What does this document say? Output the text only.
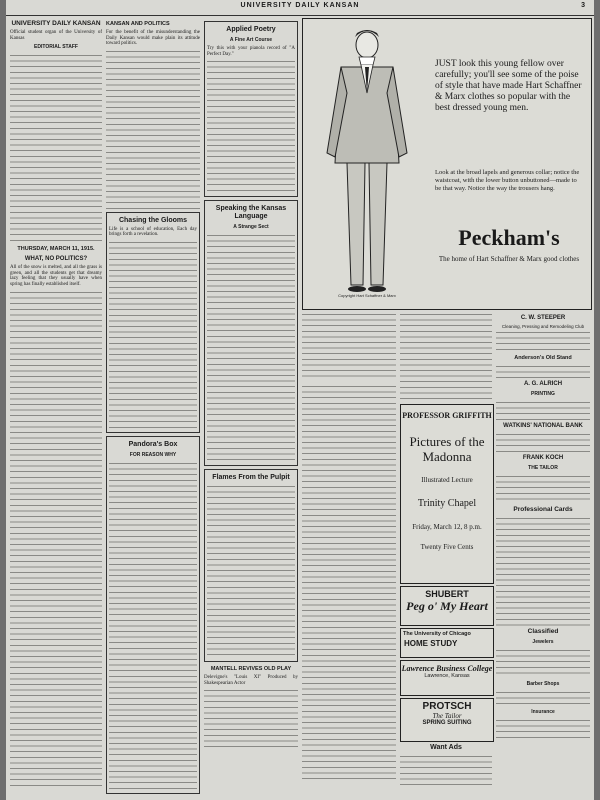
UNIVERSITY DAILY KANSAN	3
UNIVERSITY DAILY KANSAN

Official student organ of the University of Kansas

EDITORIAL STAFF
THURSDAY, MARCH 11, 1915.
WHAT, NO POLITICS?

All of the snow is melted, and all the grass is green, and all the students get that dreamy lazy feeling that they usually have when spring has finally established itself.

KANSAN AND POLITICS

For the benefit of the misunderstanding the Daily Kansan would make plain its attitude toward politics.

Chasing the Glooms

Life is a school of education, Each day brings forth a revelation.

Pandora's Box
FOR REASON WHY
Applied Poetry
A Fine Art Course

Try this with your pianola record of "A Perfect Day."

Speaking the Kansas Language
A Strange Sect
Flames From the Pulpit
MANTELL REVIVES OLD PLAY

Delevigne's "Louis XI" Produced by Shakespearian Actor

Copyright Hart Schaffner & Marx
JUST look this young fellow over carefully; you'll see some of the poise of style that have made Hart Schaffner & Marx clothes so popular with the best dressed young men.
Look at the broad lapels and generous collar; notice the waistcoat, with the lower button unbuttoned—made to be that way. Notice the way the trousers hang.
Peckham's
The home of Hart Schaffner & Marx good clothes
PROFESSOR GRIFFITH
Pictures of the Madonna
Illustrated Lecture
Trinity Chapel
Friday, March 12, 8 p.m.
Twenty Five Cents
SHUBERT
Peg o' My Heart
The University of Chicago
HOME STUDY
Lawrence Business College
Lawrence, Kansas
PROTSCH
The Tailor
SPRING SUITING
Want Ads
C. W. STEEPER
Cleaning, Pressing and Remodeling Club
Anderson's Old Stand
A. G. ALRICH
PRINTING
WATKINS' NATIONAL BANK
FRANK KOCH
THE TAILOR
Professional Cards
Classified
Jewelers
Barber Shops
Insurance
